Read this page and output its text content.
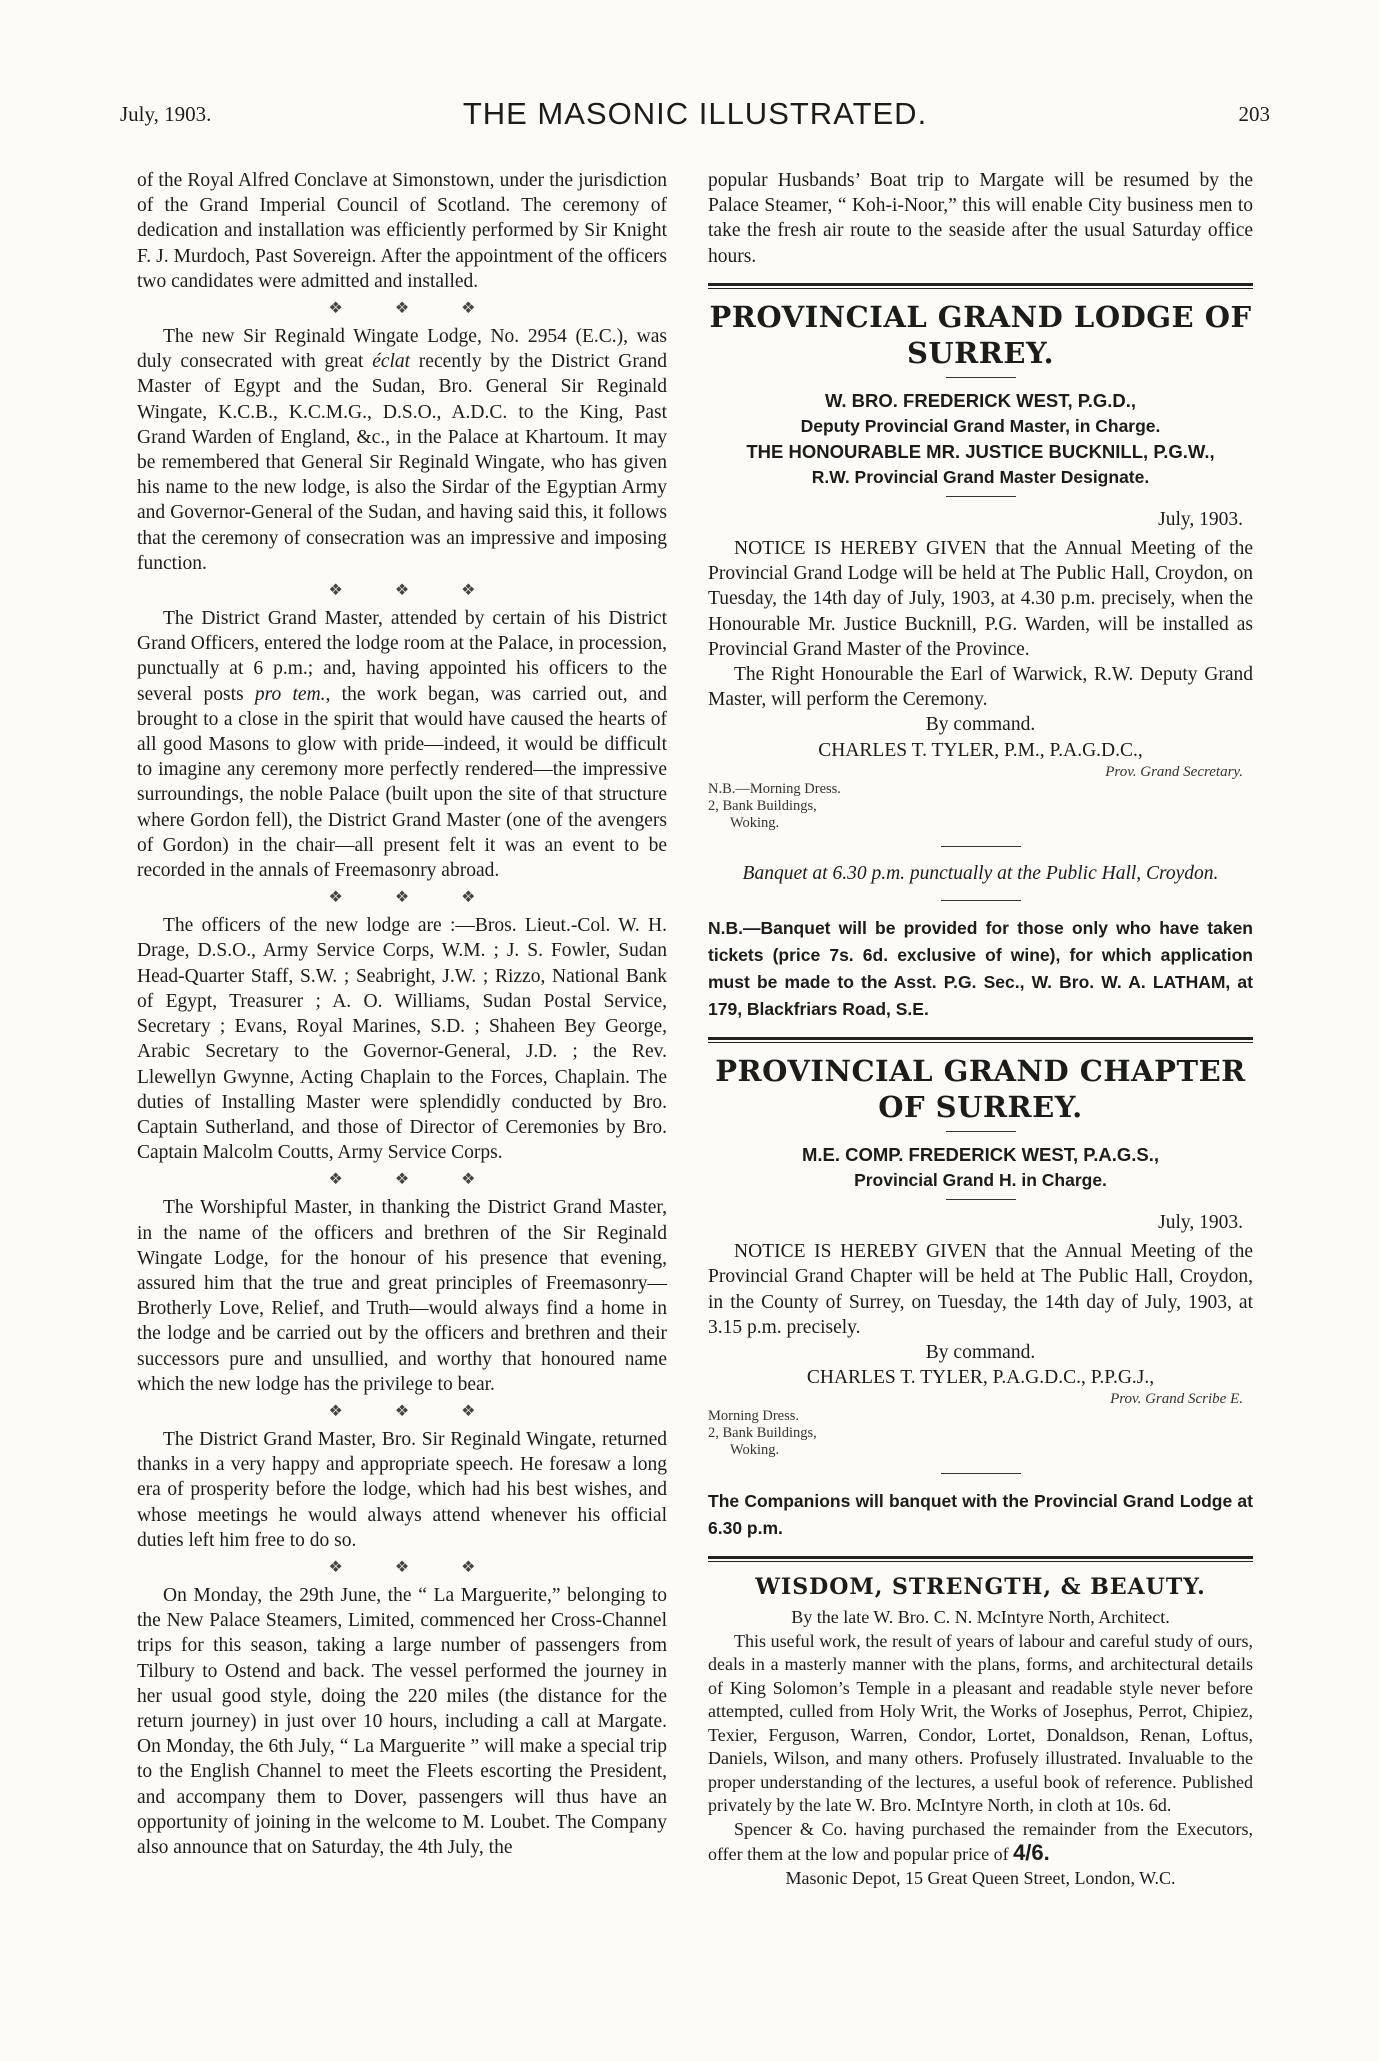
July, 1903.	THE MASONIC ILLUSTRATED.	203

of the Royal Alfred Conclave at Simonstown, under the jurisdiction of the Grand Imperial Council of Scotland. The ceremony of dedication and installation was efficiently performed by Sir Knight F. J. Murdoch, Past Sovereign. After the appointment of the officers two candidates were admitted and installed.

❖ ❖ ❖

The new Sir Reginald Wingate Lodge, No. 2954 (E.C.), was duly consecrated with great éclat recently by the District Grand Master of Egypt and the Sudan, Bro. General Sir Reginald Wingate, K.C.B., K.C.M.G., D.S.O., A.D.C. to the King, Past Grand Warden of England, &c., in the Palace at Khartoum. It may be remembered that General Sir Reginald Wingate, who has given his name to the new lodge, is also the Sirdar of the Egyptian Army and Governor-General of the Sudan, and having said this, it follows that the ceremony of consecration was an impressive and imposing function.

❖ ❖ ❖

The District Grand Master, attended by certain of his District Grand Officers, entered the lodge room at the Palace, in procession, punctually at 6 p.m.; and, having appointed his officers to the several posts pro tem., the work began, was carried out, and brought to a close in the spirit that would have caused the hearts of all good Masons to glow with pride—indeed, it would be difficult to imagine any ceremony more perfectly rendered—the impressive surroundings, the noble Palace (built upon the site of that structure where Gordon fell), the District Grand Master (one of the avengers of Gordon) in the chair—all present felt it was an event to be recorded in the annals of Freemasonry abroad.

❖ ❖ ❖

The officers of the new lodge are :—Bros. Lieut.-Col. W. H. Drage, D.S.O., Army Service Corps, W.M. ; J. S. Fowler, Sudan Head-Quarter Staff, S.W. ; Seabright, J.W. ; Rizzo, National Bank of Egypt, Treasurer ; A. O. Williams, Sudan Postal Service, Secretary ; Evans, Royal Marines, S.D. ; Shaheen Bey George, Arabic Secretary to the Governor-General, J.D. ; the Rev. Llewellyn Gwynne, Acting Chaplain to the Forces, Chaplain. The duties of Installing Master were splendidly conducted by Bro. Captain Sutherland, and those of Director of Ceremonies by Bro. Captain Malcolm Coutts, Army Service Corps.

❖ ❖ ❖

The Worshipful Master, in thanking the District Grand Master, in the name of the officers and brethren of the Sir Reginald Wingate Lodge, for the honour of his presence that evening, assured him that the true and great principles of Freemasonry—Brotherly Love, Relief, and Truth—would always find a home in the lodge and be carried out by the officers and brethren and their successors pure and unsullied, and worthy that honoured name which the new lodge has the privilege to bear.

❖ ❖ ❖

The District Grand Master, Bro. Sir Reginald Wingate, returned thanks in a very happy and appropriate speech. He foresaw a long era of prosperity before the lodge, which had his best wishes, and whose meetings he would always attend whenever his official duties left him free to do so.

❖ ❖ ❖

On Monday, the 29th June, the “ La Marguerite,” belonging to the New Palace Steamers, Limited, commenced her Cross-Channel trips for this season, taking a large number of passengers from Tilbury to Ostend and back. The vessel performed the journey in her usual good style, doing the 220 miles (the distance for the return journey) in just over 10 hours, including a call at Margate. On Monday, the 6th July, “ La Marguerite ” will make a special trip to the English Channel to meet the Fleets escorting the President, and accompany them to Dover, passengers will thus have an opportunity of joining in the welcome to M. Loubet. The Company also announce that on Saturday, the 4th July, the

popular Husbands’ Boat trip to Margate will be resumed by the Palace Steamer, “ Koh-i-Noor,” this will enable City business men to take the fresh air route to the seaside after the usual Saturday office hours.

PROVINCIAL GRAND LODGE OF SURREY.
W. BRO. FREDERICK WEST, P.G.D.,
Deputy Provincial Grand Master, in Charge.
THE HONOURABLE MR. JUSTICE BUCKNILL, P.G.W.,
R.W. Provincial Grand Master Designate.
July, 1903.

NOTICE IS HEREBY GIVEN that the Annual Meeting of the Provincial Grand Lodge will be held at The Public Hall, Croydon, on Tuesday, the 14th day of July, 1903, at 4.30 p.m. precisely, when the Honourable Mr. Justice Bucknill, P.G. Warden, will be installed as Provincial Grand Master of the Province.

The Right Honourable the Earl of Warwick, R.W. Deputy Grand Master, will perform the Ceremony.

By command.
CHARLES T. TYLER, P.M., P.A.G.D.C.,
Prov. Grand Secretary.
N.B.—Morning Dress.
2, Bank Buildings,
Woking.

Banquet at 6.30 p.m. punctually at the Public Hall, Croydon.

N.B.—Banquet will be provided for those only who have taken tickets (price 7s. 6d. exclusive of wine), for which application must be made to the Asst. P.G. Sec., W. Bro. W. A. LATHAM, at 179, Blackfriars Road, S.E.

PROVINCIAL GRAND CHAPTER OF SURREY.
M.E. COMP. FREDERICK WEST, P.A.G.S.,
Provincial Grand H. in Charge.
July, 1903.

NOTICE IS HEREBY GIVEN that the Annual Meeting of the Provincial Grand Chapter will be held at The Public Hall, Croydon, in the County of Surrey, on Tuesday, the 14th day of July, 1903, at 3.15 p.m. precisely.

By command.
CHARLES T. TYLER, P.A.G.D.C., P.P.G.J.,
Prov. Grand Scribe E.
Morning Dress.
2, Bank Buildings,
Woking.

The Companions will banquet with the Provincial Grand Lodge at 6.30 p.m.

WISDOM, STRENGTH, & BEAUTY.
By the late W. Bro. C. N. McIntyre North, Architect.

This useful work, the result of years of labour and careful study of ours, deals in a masterly manner with the plans, forms, and architectural details of King Solomon’s Temple in a pleasant and readable style never before attempted, culled from Holy Writ, the Works of Josephus, Perrot, Chipiez, Texier, Ferguson, Warren, Condor, Lortet, Donaldson, Renan, Loftus, Daniels, Wilson, and many others. Profusely illustrated. Invaluable to the proper understanding of the lectures, a useful book of reference. Published privately by the late W. Bro. McIntyre North, in cloth at 10s. 6d.

Spencer & Co. having purchased the remainder from the Executors, offer them at the low and popular price of 4/6.

Masonic Depot, 15 Great Queen Street, London, W.C.
